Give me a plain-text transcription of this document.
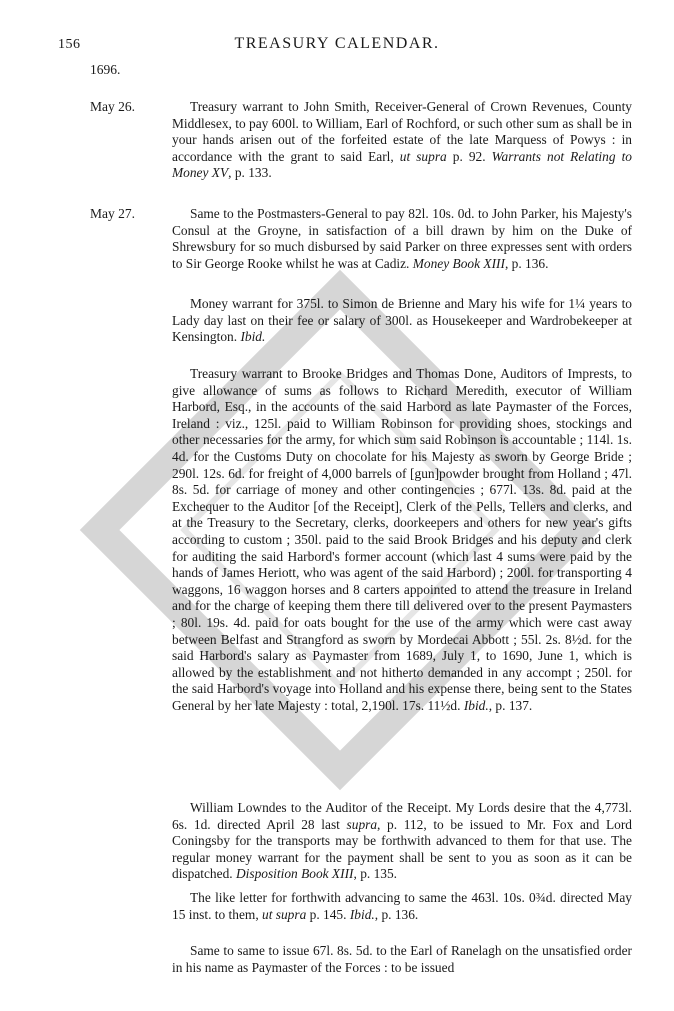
156	TREASURY CALENDAR.
1696.
May 26.
May 27.

Treasury warrant to John Smith, Receiver-General of Crown Revenues, County Middlesex, to pay 600l. to William, Earl of Rochford, or such other sum as shall be in your hands arisen out of the forfeited estate of the late Marquess of Powys : in accordance with the grant to said Earl, ut supra p. 92. Warrants not Relating to Money XV, p. 133.

Same to the Postmasters-General to pay 82l. 10s. 0d. to John Parker, his Majesty's Consul at the Groyne, in satisfaction of a bill drawn by him on the Duke of Shrewsbury for so much disbursed by said Parker on three expresses sent with orders to Sir George Rooke whilst he was at Cadiz. Money Book XIII, p. 136.

Money warrant for 375l. to Simon de Brienne and Mary his wife for 1¼ years to Lady day last on their fee or salary of 300l. as Housekeeper and Wardrobekeeper at Kensington. Ibid.

Treasury warrant to Brooke Bridges and Thomas Done, Auditors of Imprests, to give allowance of sums as follows to Richard Meredith, executor of William Harbord, Esq., in the accounts of the said Harbord as late Paymaster of the Forces, Ireland : viz., 125l. paid to William Robinson for providing shoes, stockings and other necessaries for the army, for which sum said Robinson is accountable ; 114l. 1s. 4d. for the Customs Duty on chocolate for his Majesty as sworn by George Bride ; 290l. 12s. 6d. for freight of 4,000 barrels of [gun]powder brought from Holland ; 47l. 8s. 5d. for carriage of money and other contingencies ; 677l. 13s. 8d. paid at the Exchequer to the Auditor [of the Receipt], Clerk of the Pells, Tellers and clerks, and at the Treasury to the Secretary, clerks, doorkeepers and others for new year's gifts according to custom ; 350l. paid to the said Brook Bridges and his deputy and clerk for auditing the said Harbord's former account (which last 4 sums were paid by the hands of James Heriott, who was agent of the said Harbord) ; 200l. for transporting 4 waggons, 16 waggon horses and 8 carters appointed to attend the treasure in Ireland and for the charge of keeping them there till delivered over to the present Paymasters ; 80l. 19s. 4d. paid for oats bought for the use of the army which were cast away between Belfast and Strangford as sworn by Mordecai Abbott ; 55l. 2s. 8½d. for the said Harbord's salary as Paymaster from 1689, July 1, to 1690, June 1, which is allowed by the establishment and not hitherto demanded in any accompt ; 250l. for the said Harbord's voyage into Holland and his expense there, being sent to the States General by her late Majesty : total, 2,190l. 17s. 11½d. Ibid., p. 137.

William Lowndes to the Auditor of the Receipt. My Lords desire that the 4,773l. 6s. 1d. directed April 28 last supra, p. 112, to be issued to Mr. Fox and Lord Coningsby for the transports may be forthwith advanced to them for that use. The regular money warrant for the payment shall be sent to you as soon as it can be dispatched. Disposition Book XIII, p. 135.

The like letter for forthwith advancing to same the 463l. 10s. 0¾d. directed May 15 inst. to them, ut supra p. 145. Ibid., p. 136.

Same to same to issue 67l. 8s. 5d. to the Earl of Ranelagh on the unsatisfied order in his name as Paymaster of the Forces : to be issued
